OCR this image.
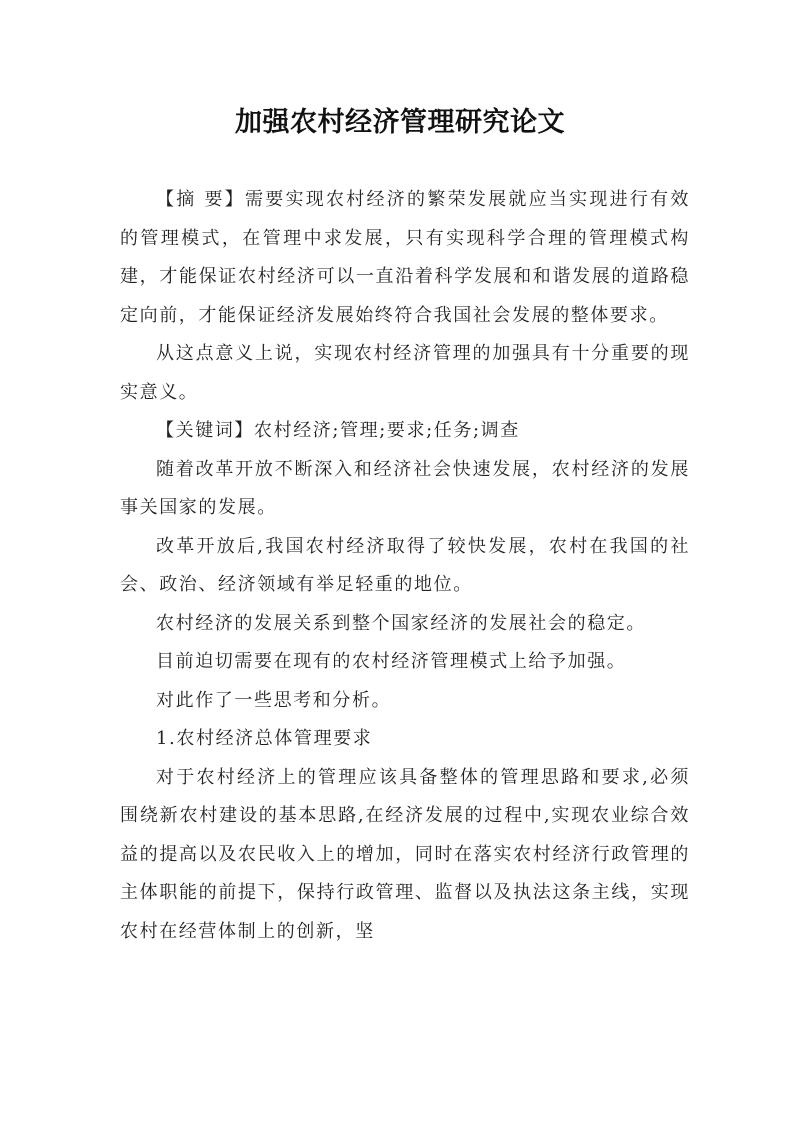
加强农村经济管理研究论文

【摘 要】需要实现农村经济的繁荣发展就应当实现进行有效的管理模式，在管理中求发展，只有实现科学合理的管理模式构建，才能保证农村经济可以一直沿着科学发展和和谐发展的道路稳定向前，才能保证经济发展始终符合我国社会发展的整体要求。

从这点意义上说，实现农村经济管理的加强具有十分重要的现实意义。

【关键词】农村经济;管理;要求;任务;调查

随着改革开放不断深入和经济社会快速发展，农村经济的发展事关国家的发展。

改革开放后,我国农村经济取得了较快发展，农村在我国的社会、政治、经济领域有举足轻重的地位。

农村经济的发展关系到整个国家经济的发展社会的稳定。

目前迫切需要在现有的农村经济管理模式上给予加强。

对此作了一些思考和分析。

1.农村经济总体管理要求

对于农村经济上的管理应该具备整体的管理思路和要求,必须围绕新农村建设的基本思路,在经济发展的过程中,实现农业综合效益的提高以及农民收入上的增加，同时在落实农村经济行政管理的主体职能的前提下，保持行政管理、监督以及执法这条主线，实现农村在经营体制上的创新，坚
